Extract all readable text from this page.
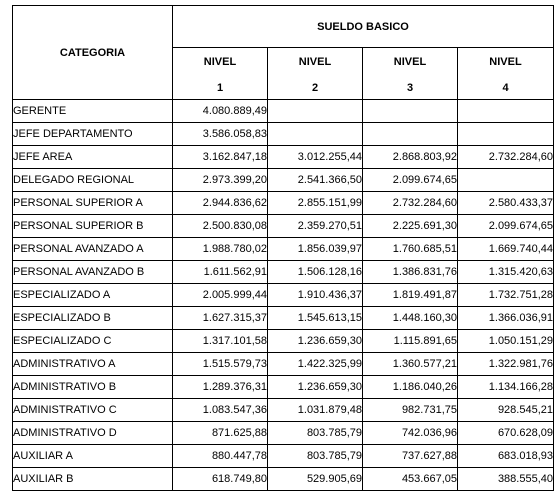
CATEGORIA	SUELDO BASICO			
	NIVEL	NIVEL	NIVEL	NIVEL
	1	2	3	4
GERENTE	4.080.889,49			
JEFE DEPARTAMENTO	3.586.058,83			
JEFE AREA	3.162.847,18	3.012.255,44	2.868.803,92	2.732.284,60
DELEGADO REGIONAL	2.973.399,20	2.541.366,50	2.099.674,65	
PERSONAL SUPERIOR A	2.944.836,62	2.855.151,99	2.732.284,60	2.580.433,37
PERSONAL SUPERIOR B	2.500.830,08	2.359.270,51	2.225.691,30	2.099.674,65
PERSONAL AVANZADO A	1.988.780,02	1.856.039,97	1.760.685,51	1.669.740,44
PERSONAL AVANZADO B	1.611.562,91	1.506.128,16	1.386.831,76	1.315.420,63
ESPECIALIZADO A	2.005.999,44	1.910.436,37	1.819.491,87	1.732.751,28
ESPECIALIZADO B	1.627.315,37	1.545.613,15	1.448.160,30	1.366.036,91
ESPECIALIZADO C	1.317.101,58	1.236.659,30	1.115.891,65	1.050.151,29
ADMINISTRATIVO A	1.515.579,73	1.422.325,99	1.360.577,21	1.322.981,76
ADMINISTRATIVO B	1.289.376,31	1.236.659,30	1.186.040,26	1.134.166,28
ADMINISTRATIVO C	1.083.547,36	1.031.879,48	982.731,75	928.545,21
ADMINISTRATIVO D	871.625,88	803.785,79	742.036,96	670.628,09
AUXILIAR A	880.447,78	803.785,79	737.627,88	683.018,93
AUXILIAR B	618.749,80	529.905,69	453.667,05	388.555,40
